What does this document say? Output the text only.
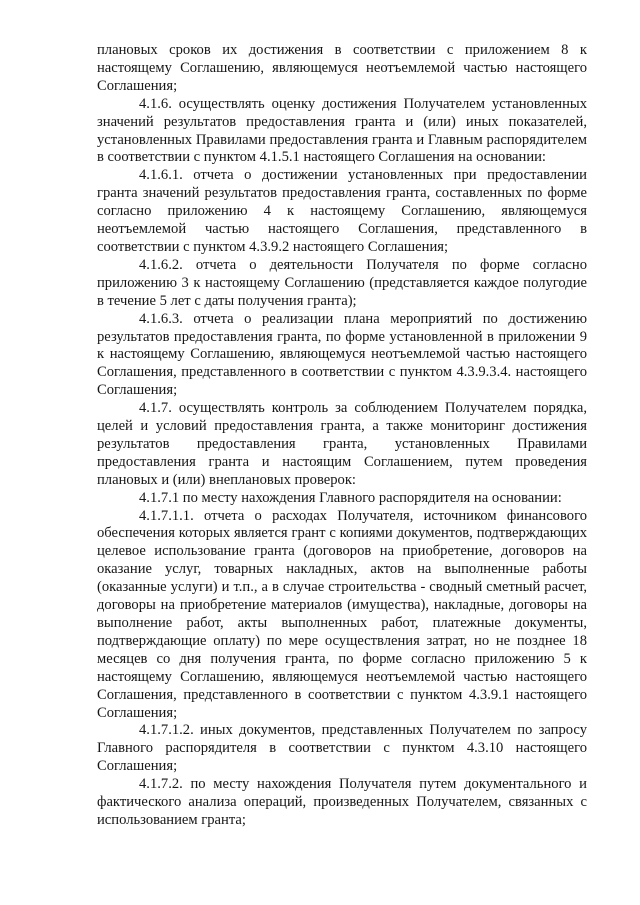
плановых сроков их достижения в соответствии с приложением 8 к настоящему Соглашению, являющемуся неотъемлемой частью настоящего Соглашения;

4.1.6. осуществлять оценку достижения Получателем установленных значений результатов предоставления гранта и (или) иных показателей, установленных Правилами предоставления гранта и Главным распорядителем в соответствии с пунктом 4.1.5.1 настоящего Соглашения на основании:

4.1.6.1. отчета о достижении установленных при предоставлении гранта значений результатов предоставления гранта, составленных по форме согласно приложению 4 к настоящему Соглашению, являющемуся неотъемлемой частью настоящего Соглашения, представленного в соответствии с пунктом 4.3.9.2 настоящего Соглашения;

4.1.6.2. отчета о деятельности Получателя по форме согласно приложению 3 к настоящему Соглашению (представляется каждое полугодие в течение 5 лет с даты получения гранта);

4.1.6.3. отчета о реализации плана мероприятий по достижению результатов предоставления гранта, по форме установленной в приложении 9 к настоящему Соглашению, являющемуся неотъемлемой частью настоящего Соглашения, представленного в соответствии с пунктом 4.3.9.3.4. настоящего Соглашения;

4.1.7. осуществлять контроль за соблюдением Получателем порядка, целей и условий предоставления гранта, а также мониторинг достижения результатов предоставления гранта, установленных Правилами предоставления гранта и настоящим Соглашением, путем проведения плановых и (или) внеплановых проверок:

4.1.7.1 по месту нахождения Главного распорядителя на основании:

4.1.7.1.1. отчета о расходах Получателя, источником финансового обеспечения которых является грант с копиями документов, подтверждающих целевое использование гранта (договоров на приобретение, договоров на оказание услуг, товарных накладных, актов на выполненные работы (оказанные услуги) и т.п., а в случае строительства - сводный сметный расчет, договоры на приобретение материалов (имущества), накладные, договоры на выполнение работ, акты выполненных работ, платежные документы, подтверждающие оплату) по мере осуществления затрат, но не позднее 18 месяцев со дня получения гранта, по форме согласно приложению 5 к настоящему Соглашению, являющемуся неотъемлемой частью настоящего Соглашения, представленного в соответствии с пунктом 4.3.9.1 настоящего Соглашения;

4.1.7.1.2. иных документов, представленных Получателем по запросу Главного распорядителя в соответствии с пунктом 4.3.10 настоящего Соглашения;

4.1.7.2. по месту нахождения Получателя путем документального и фактического анализа операций, произведенных Получателем, связанных с использованием гранта;
